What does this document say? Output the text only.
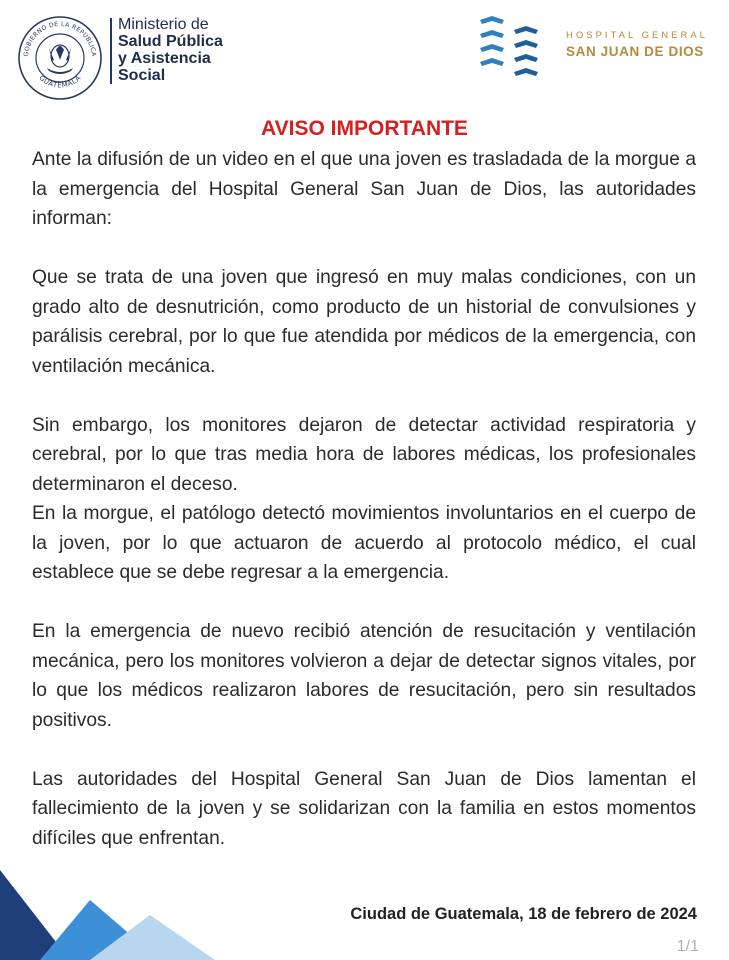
GOBIERNO DE LA REPÚBLICA
GUATEMALA
Ministerio de
Salud Pública
y Asistencia
Social
HOSPITAL GENERAL
SAN JUAN DE DIOS
AVISO IMPORTANTE

Ante la difusión de un video en el que una joven es trasladada de la morgue a la emergencia del Hospital General San Juan de Dios, las autoridades informan:

Que se trata de una joven que ingresó en muy malas condiciones, con un grado alto de desnutrición, como producto de un historial de convulsiones y parálisis cerebral, por lo que fue atendida por médicos de la emergencia, con ventilación mecánica.

Sin embargo, los monitores dejaron de detectar actividad respiratoria y cerebral, por lo que tras media hora de labores médicas, los profesionales determinaron el deceso.

En la morgue, el patólogo detectó movimientos involuntarios en el cuerpo de la joven, por lo que actuaron de acuerdo al protocolo médico, el cual establece que se debe regresar a la emergencia.

En la emergencia de nuevo recibió atención de resucitación y ventilación mecánica, pero los monitores volvieron a dejar de detectar signos vitales, por lo que los médicos realizaron labores de resucitación, pero sin resultados positivos.

Las autoridades del Hospital General San Juan de Dios lamentan el fallecimiento de la joven y se solidarizan con la familia en estos momentos difíciles que enfrentan.

Ciudad de Guatemala, 18 de febrero de 2024
1/1
